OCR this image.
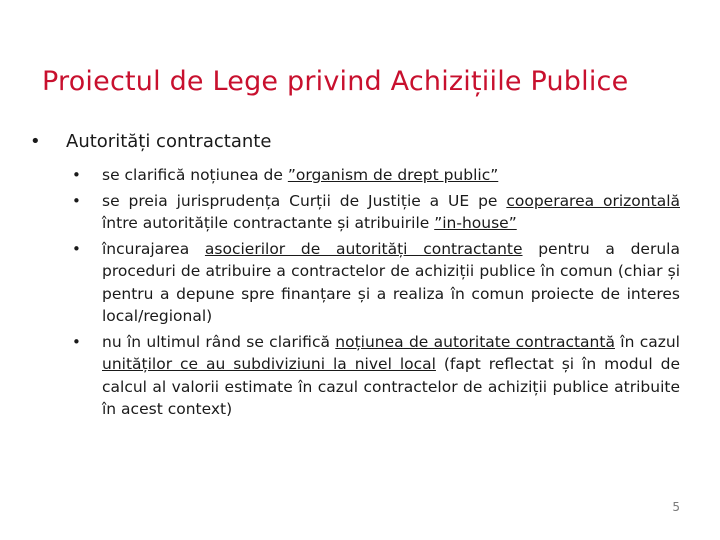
Proiectul de Lege privind Achizițiile Publice
•	Autorități contractante
•	se clarifică noțiunea de ”organism de drept public”
•	se preia jurisprudența Curții de Justiție a UE pe cooperarea orizontală între autoritățile contractante și atribuirile ”in-house”
•	încurajarea asocierilor de autorități contractante pentru a derula proceduri de atribuire a contractelor de achiziții publice în comun (chiar și pentru a depune spre finanțare și a realiza în comun proiecte de interes local/regional)
•	nu în ultimul rând se clarifică noțiunea de autoritate contractantă în cazul unităților ce au subdiviziuni la nivel local (fapt reflectat și în modul de calcul al valorii estimate în cazul contractelor de achiziții publice atribuite în acest context)
5
